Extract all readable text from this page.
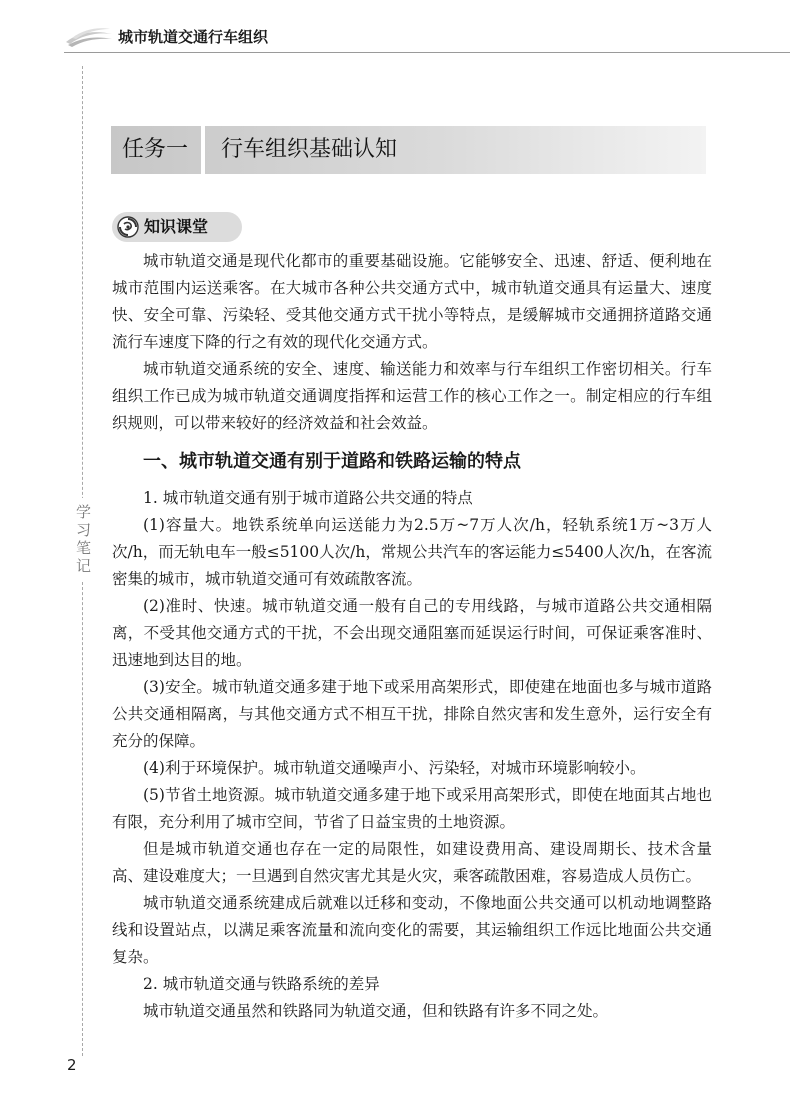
城市轨道交通行车组织
学习笔记
任务一	行车组织基础认知
知识课堂

城市轨道交通是现代化都市的重要基础设施。它能够安全、迅速、舒适、便利地在城市范围内运送乘客。在大城市各种公共交通方式中，城市轨道交通具有运量大、速度快、安全可靠、污染轻、受其他交通方式干扰小等特点，是缓解城市交通拥挤道路交通流行车速度下降的行之有效的现代化交通方式。

城市轨道交通系统的安全、速度、输送能力和效率与行车组织工作密切相关。行车组织工作已成为城市轨道交通调度指挥和运营工作的核心工作之一。制定相应的行车组织规则，可以带来较好的经济效益和社会效益。

一、城市轨道交通有别于道路和铁路运输的特点

1. 城市轨道交通有别于城市道路公共交通的特点

(1)容量大。地铁系统单向运送能力为2.5万~7万人次/h，轻轨系统1万~3万人次/h，而无轨电车一般≤5100人次/h，常规公共汽车的客运能力≤5400人次/h，在客流密集的城市，城市轨道交通可有效疏散客流。

(2)准时、快速。城市轨道交通一般有自己的专用线路，与城市道路公共交通相隔离，不受其他交通方式的干扰，不会出现交通阻塞而延误运行时间，可保证乘客准时、迅速地到达目的地。

(3)安全。城市轨道交通多建于地下或采用高架形式，即使建在地面也多与城市道路公共交通相隔离，与其他交通方式不相互干扰，排除自然灾害和发生意外，运行安全有充分的保障。

(4)利于环境保护。城市轨道交通噪声小、污染轻，对城市环境影响较小。

(5)节省土地资源。城市轨道交通多建于地下或采用高架形式，即使在地面其占地也有限，充分利用了城市空间，节省了日益宝贵的土地资源。

但是城市轨道交通也存在一定的局限性，如建设费用高、建设周期长、技术含量高、建设难度大；一旦遇到自然灾害尤其是火灾，乘客疏散困难，容易造成人员伤亡。

城市轨道交通系统建成后就难以迁移和变动，不像地面公共交通可以机动地调整路线和设置站点，以满足乘客流量和流向变化的需要，其运输组织工作远比地面公共交通复杂。

2. 城市轨道交通与铁路系统的差异

城市轨道交通虽然和铁路同为轨道交通，但和铁路有许多不同之处。

2
